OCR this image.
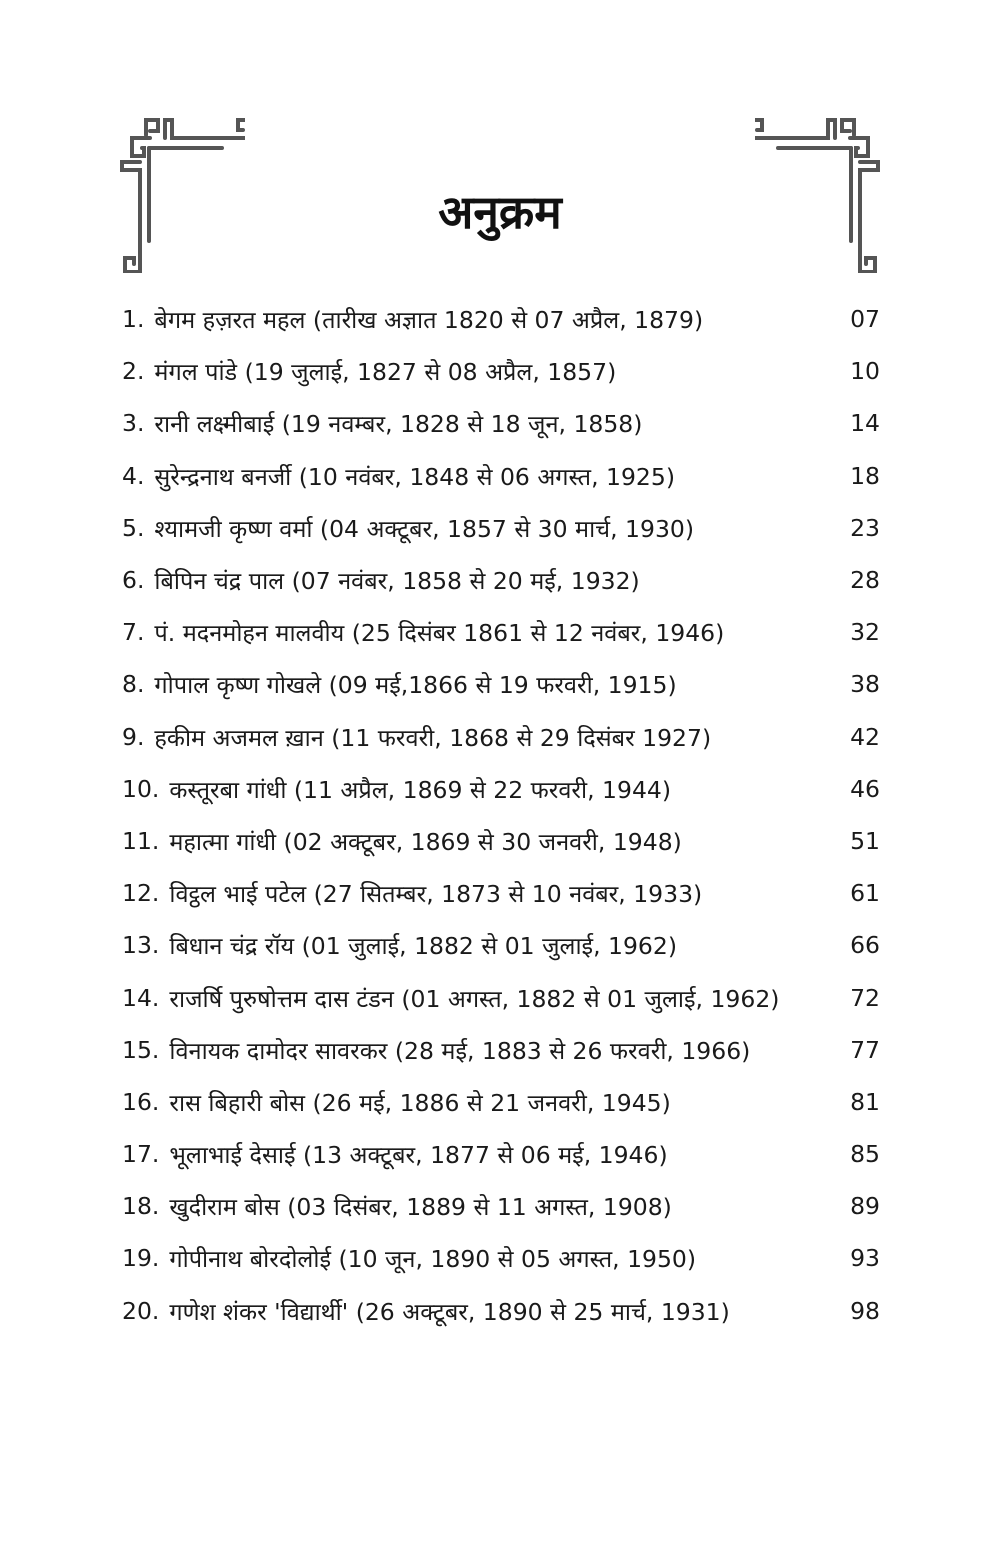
अनुक्रम
1. बेगम हज़रत महल (तारीख अज्ञात 1820 से 07 अप्रैल, 1879)	07
2. मंगल पांडे (19 जुलाई, 1827 से 08 अप्रैल, 1857)	10
3. रानी लक्ष्मीबाई (19 नवम्बर, 1828 से 18 जून, 1858)	14
4. सुरेन्द्रनाथ बनर्जी (10 नवंबर, 1848 से 06 अगस्त, 1925)	18
5. श्यामजी कृष्ण वर्मा (04 अक्टूबर, 1857 से 30 मार्च, 1930)	23
6. बिपिन चंद्र पाल (07 नवंबर, 1858 से 20 मई, 1932)	28
7. पं. मदनमोहन मालवीय (25 दिसंबर 1861 से 12 नवंबर, 1946)	32
8. गोपाल कृष्ण गोखले (09 मई,1866 से 19 फरवरी, 1915)	38
9. हकीम अजमल ख़ान (11 फरवरी, 1868 से 29 दिसंबर 1927)	42
10. कस्तूरबा गांधी (11 अप्रैल, 1869 से 22 फरवरी, 1944)	46
11. महात्मा गांधी (02 अक्टूबर, 1869 से 30 जनवरी, 1948)	51
12. विट्ठल भाई पटेल (27 सितम्बर, 1873 से 10 नवंबर, 1933)	61
13. बिधान चंद्र रॉय (01 जुलाई, 1882 से 01 जुलाई, 1962)	66
14. राजर्षि पुरुषोत्तम दास टंडन (01 अगस्त, 1882 से 01 जुलाई, 1962)	72
15. विनायक दामोदर सावरकर (28 मई, 1883 से 26 फरवरी, 1966)	77
16. रास बिहारी बोस (26 मई, 1886 से 21 जनवरी, 1945)	81
17. भूलाभाई देसाई (13 अक्टूबर, 1877 से 06 मई, 1946)	85
18. खुदीराम बोस (03 दिसंबर, 1889 से 11 अगस्त, 1908)	89
19. गोपीनाथ बोरदोलोई (10 जून, 1890 से 05 अगस्त, 1950)	93
20. गणेश शंकर 'विद्यार्थी' (26 अक्टूबर, 1890 से 25 मार्च, 1931)	98
